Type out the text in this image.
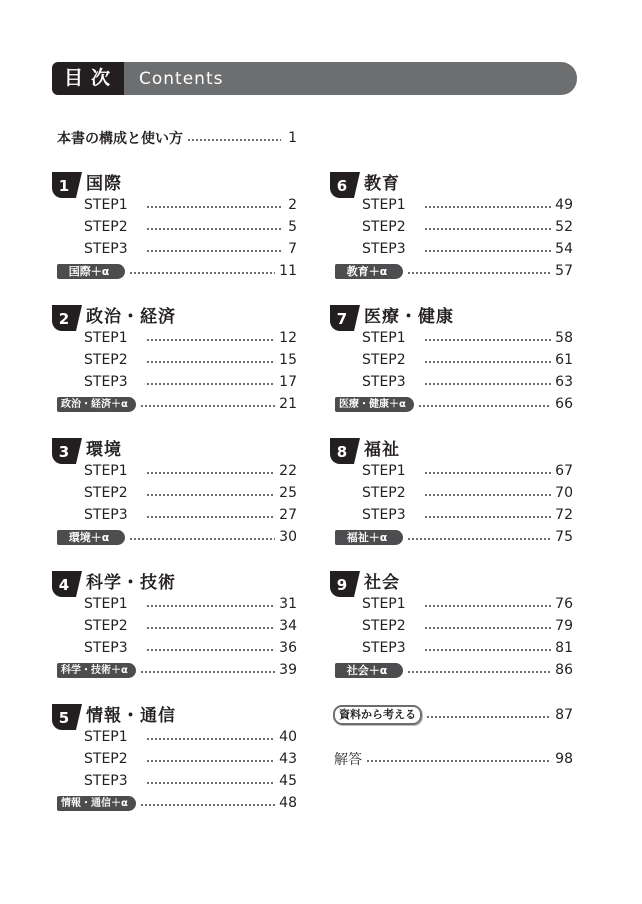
目次	Contents
本書の構成と使い方	1
1 国際
STEP1	2
STEP2	5
STEP3	7
国際＋α	11
2 政治・経済
STEP1	12
STEP2	15
STEP3	17
政治・経済＋α	21
3 環境
STEP1	22
STEP2	25
STEP3	27
環境＋α	30
4 科学・技術
STEP1	31
STEP2	34
STEP3	36
科学・技術＋α	39
5 情報・通信
STEP1	40
STEP2	43
STEP3	45
情報・通信＋α	48
6 教育
STEP1	49
STEP2	52
STEP3	54
教育＋α	57
7 医療・健康
STEP1	58
STEP2	61
STEP3	63
医療・健康＋α	66
8 福祉
STEP1	67
STEP2	70
STEP3	72
福祉＋α	75
9 社会
STEP1	76
STEP2	79
STEP3	81
社会＋α	86
資料から考える	87
解答	98
